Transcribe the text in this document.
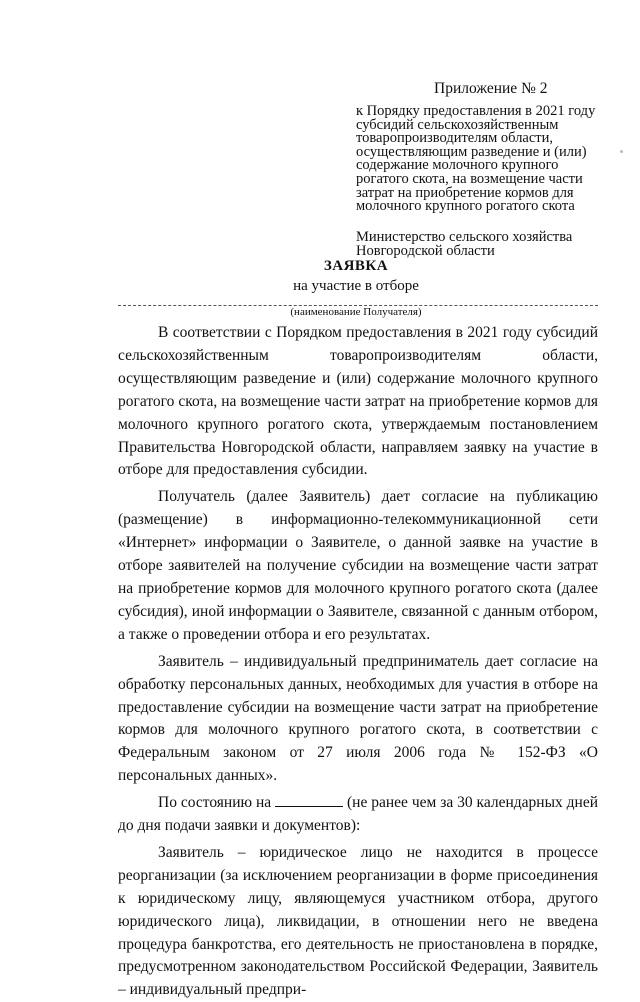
Приложение № 2
к Порядку предоставления в 2021 году субсидий сельскохозяйственным товаропроизводителям области, осуществляющим разведение и (или) содержание молочного крупного рогатого скота, на возмещение части затрат на приобретение кормов для молочного крупного рогатого скота
Министерство сельского хозяйства Новгородской области
ЗАЯВКА
на участие в отборе
(наименование Получателя)

В соответствии с Порядком предоставления в 2021 году субсидий сельскохозяйственным товаропроизводителям области, осуществляющим разведение и (или) содержание молочного крупного рогатого скота, на возмещение части затрат на приобретение кормов для молочного крупного рогатого скота, утверждаемым постановлением Правительства Новгородской области, направляем заявку на участие в отборе для предоставления субсидии.

Получатель (далее Заявитель) дает согласие на публикацию (размещение) в информационно-телекоммуникационной сети «Интернет» информации о Заявителе, о данной заявке на участие в отборе заявителей на получение субсидии на возмещение части затрат на приобретение кормов для молочного крупного рогатого скота (далее субсидия), иной информации о Заявителе, связанной с данным отбором, а также о проведении отбора и его результатах.

Заявитель – индивидуальный предприниматель дает согласие на обработку персональных данных, необходимых для участия в отборе на предоставление субсидии на возмещение части затрат на приобретение кормов для молочного крупного рогатого скота, в соответствии с Федеральным законом от 27 июля 2006 года № 152-ФЗ «О персональных данных».

По состоянию на	(не ранее чем за 30 календарных дней до дня подачи заявки и документов):

Заявитель – юридическое лицо не находится в процессе реорганизации (за исключением реорганизации в форме присоединения к юридическому лицу, являющемуся участником отбора, другого юридического лица), ликвидации, в отношении него не введена процедура банкротства, его деятельность не приостановлена в порядке, предусмотренном законодательством Российской Федерации, Заявитель – индивидуальный предпри-
